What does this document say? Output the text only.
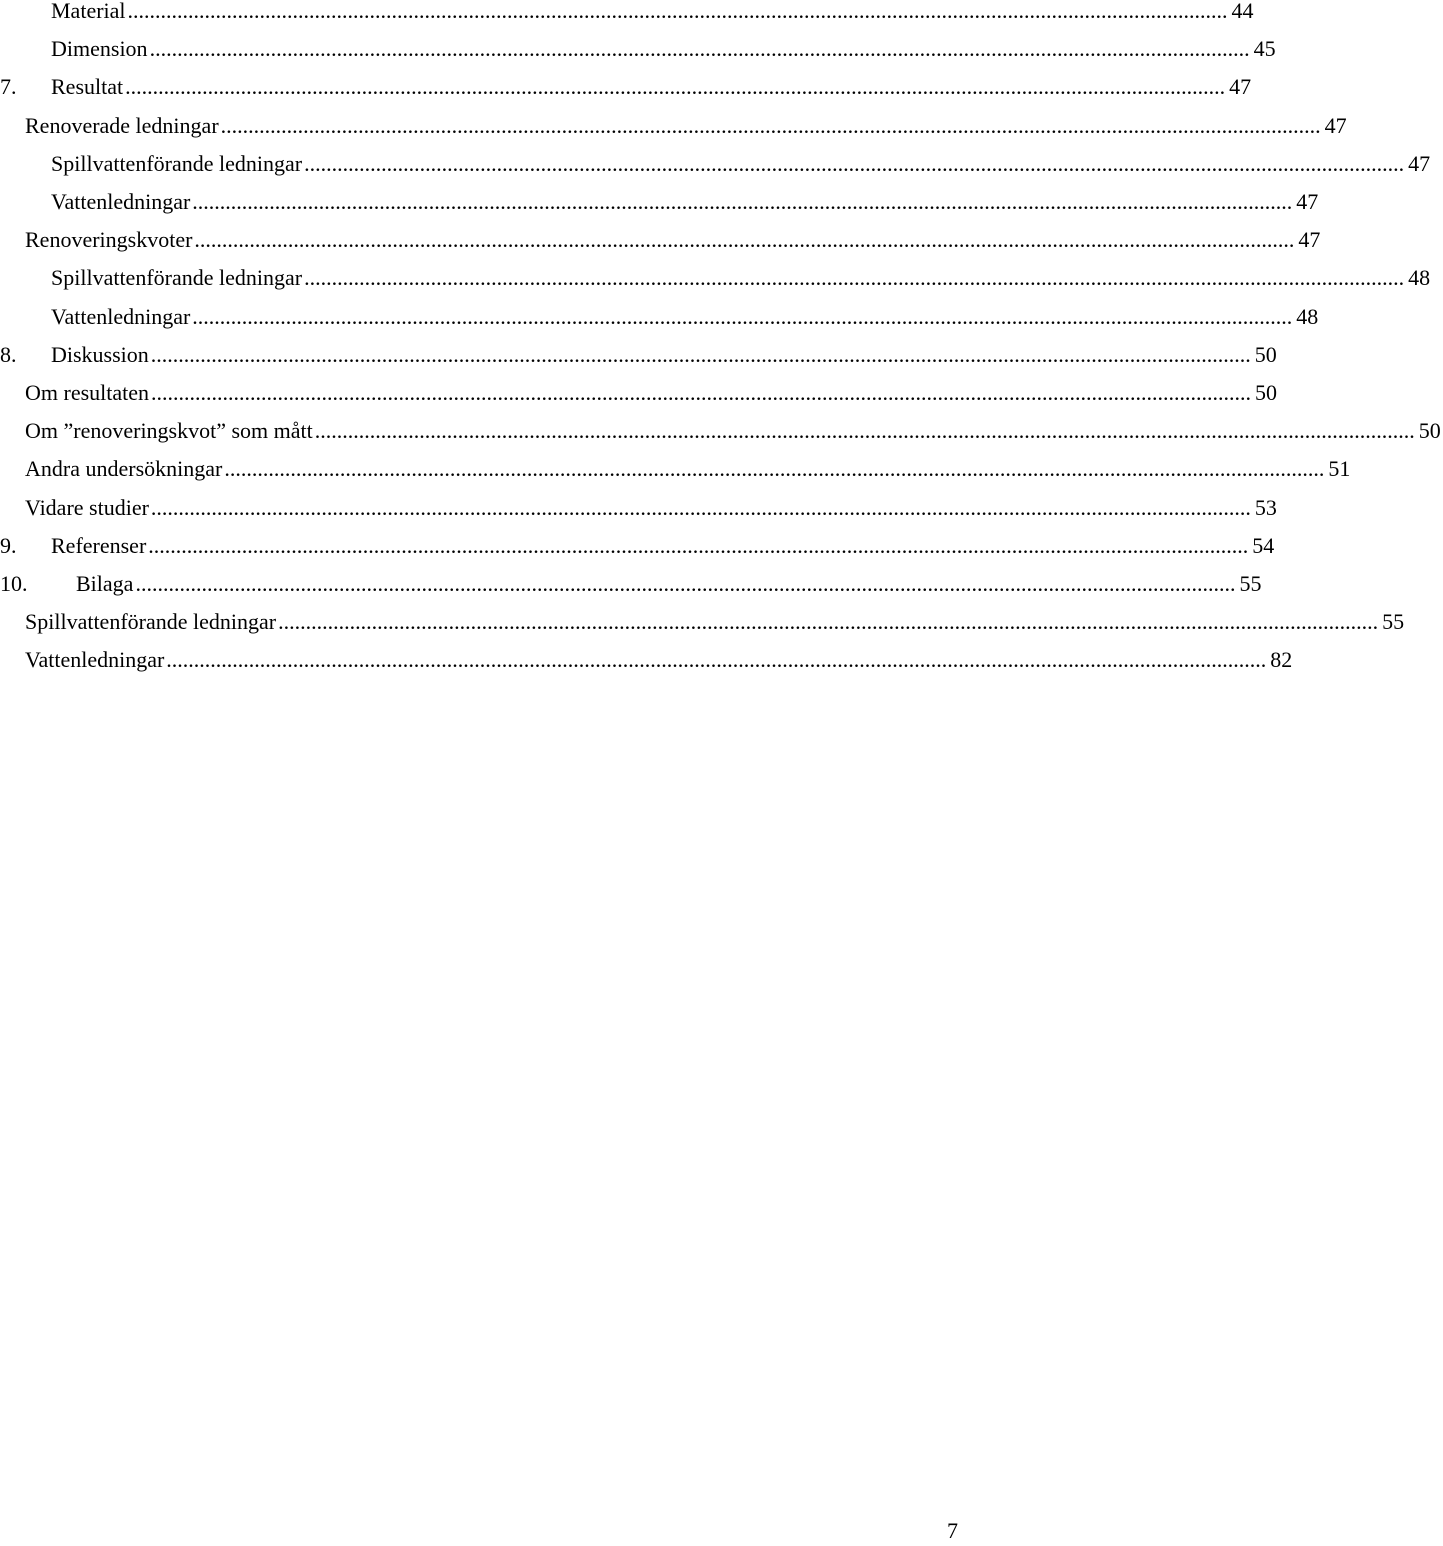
Material ........................................................................................................................................................................................................ 44
Dimension ........................................................................................................................................................................................................ 45
7. Resultat ........................................................................................................................................................................................................ 47
Renoverade ledningar ........................................................................................................................................................................................................ 47
Spillvattenförande ledningar ........................................................................................................................................................................................................ 47
Vattenledningar ........................................................................................................................................................................................................ 47
Renoveringskvoter ........................................................................................................................................................................................................ 47
Spillvattenförande ledningar ........................................................................................................................................................................................................ 48
Vattenledningar ........................................................................................................................................................................................................ 48
8. Diskussion ........................................................................................................................................................................................................ 50
Om resultaten ........................................................................................................................................................................................................ 50
Om ”renoveringskvot” som mått ........................................................................................................................................................................................................ 50
Andra undersökningar ........................................................................................................................................................................................................ 51
Vidare studier ........................................................................................................................................................................................................ 53
9. Referenser ........................................................................................................................................................................................................ 54
10. Bilaga ........................................................................................................................................................................................................ 55
Spillvattenförande ledningar ........................................................................................................................................................................................................ 55
Vattenledningar ........................................................................................................................................................................................................ 82
7
